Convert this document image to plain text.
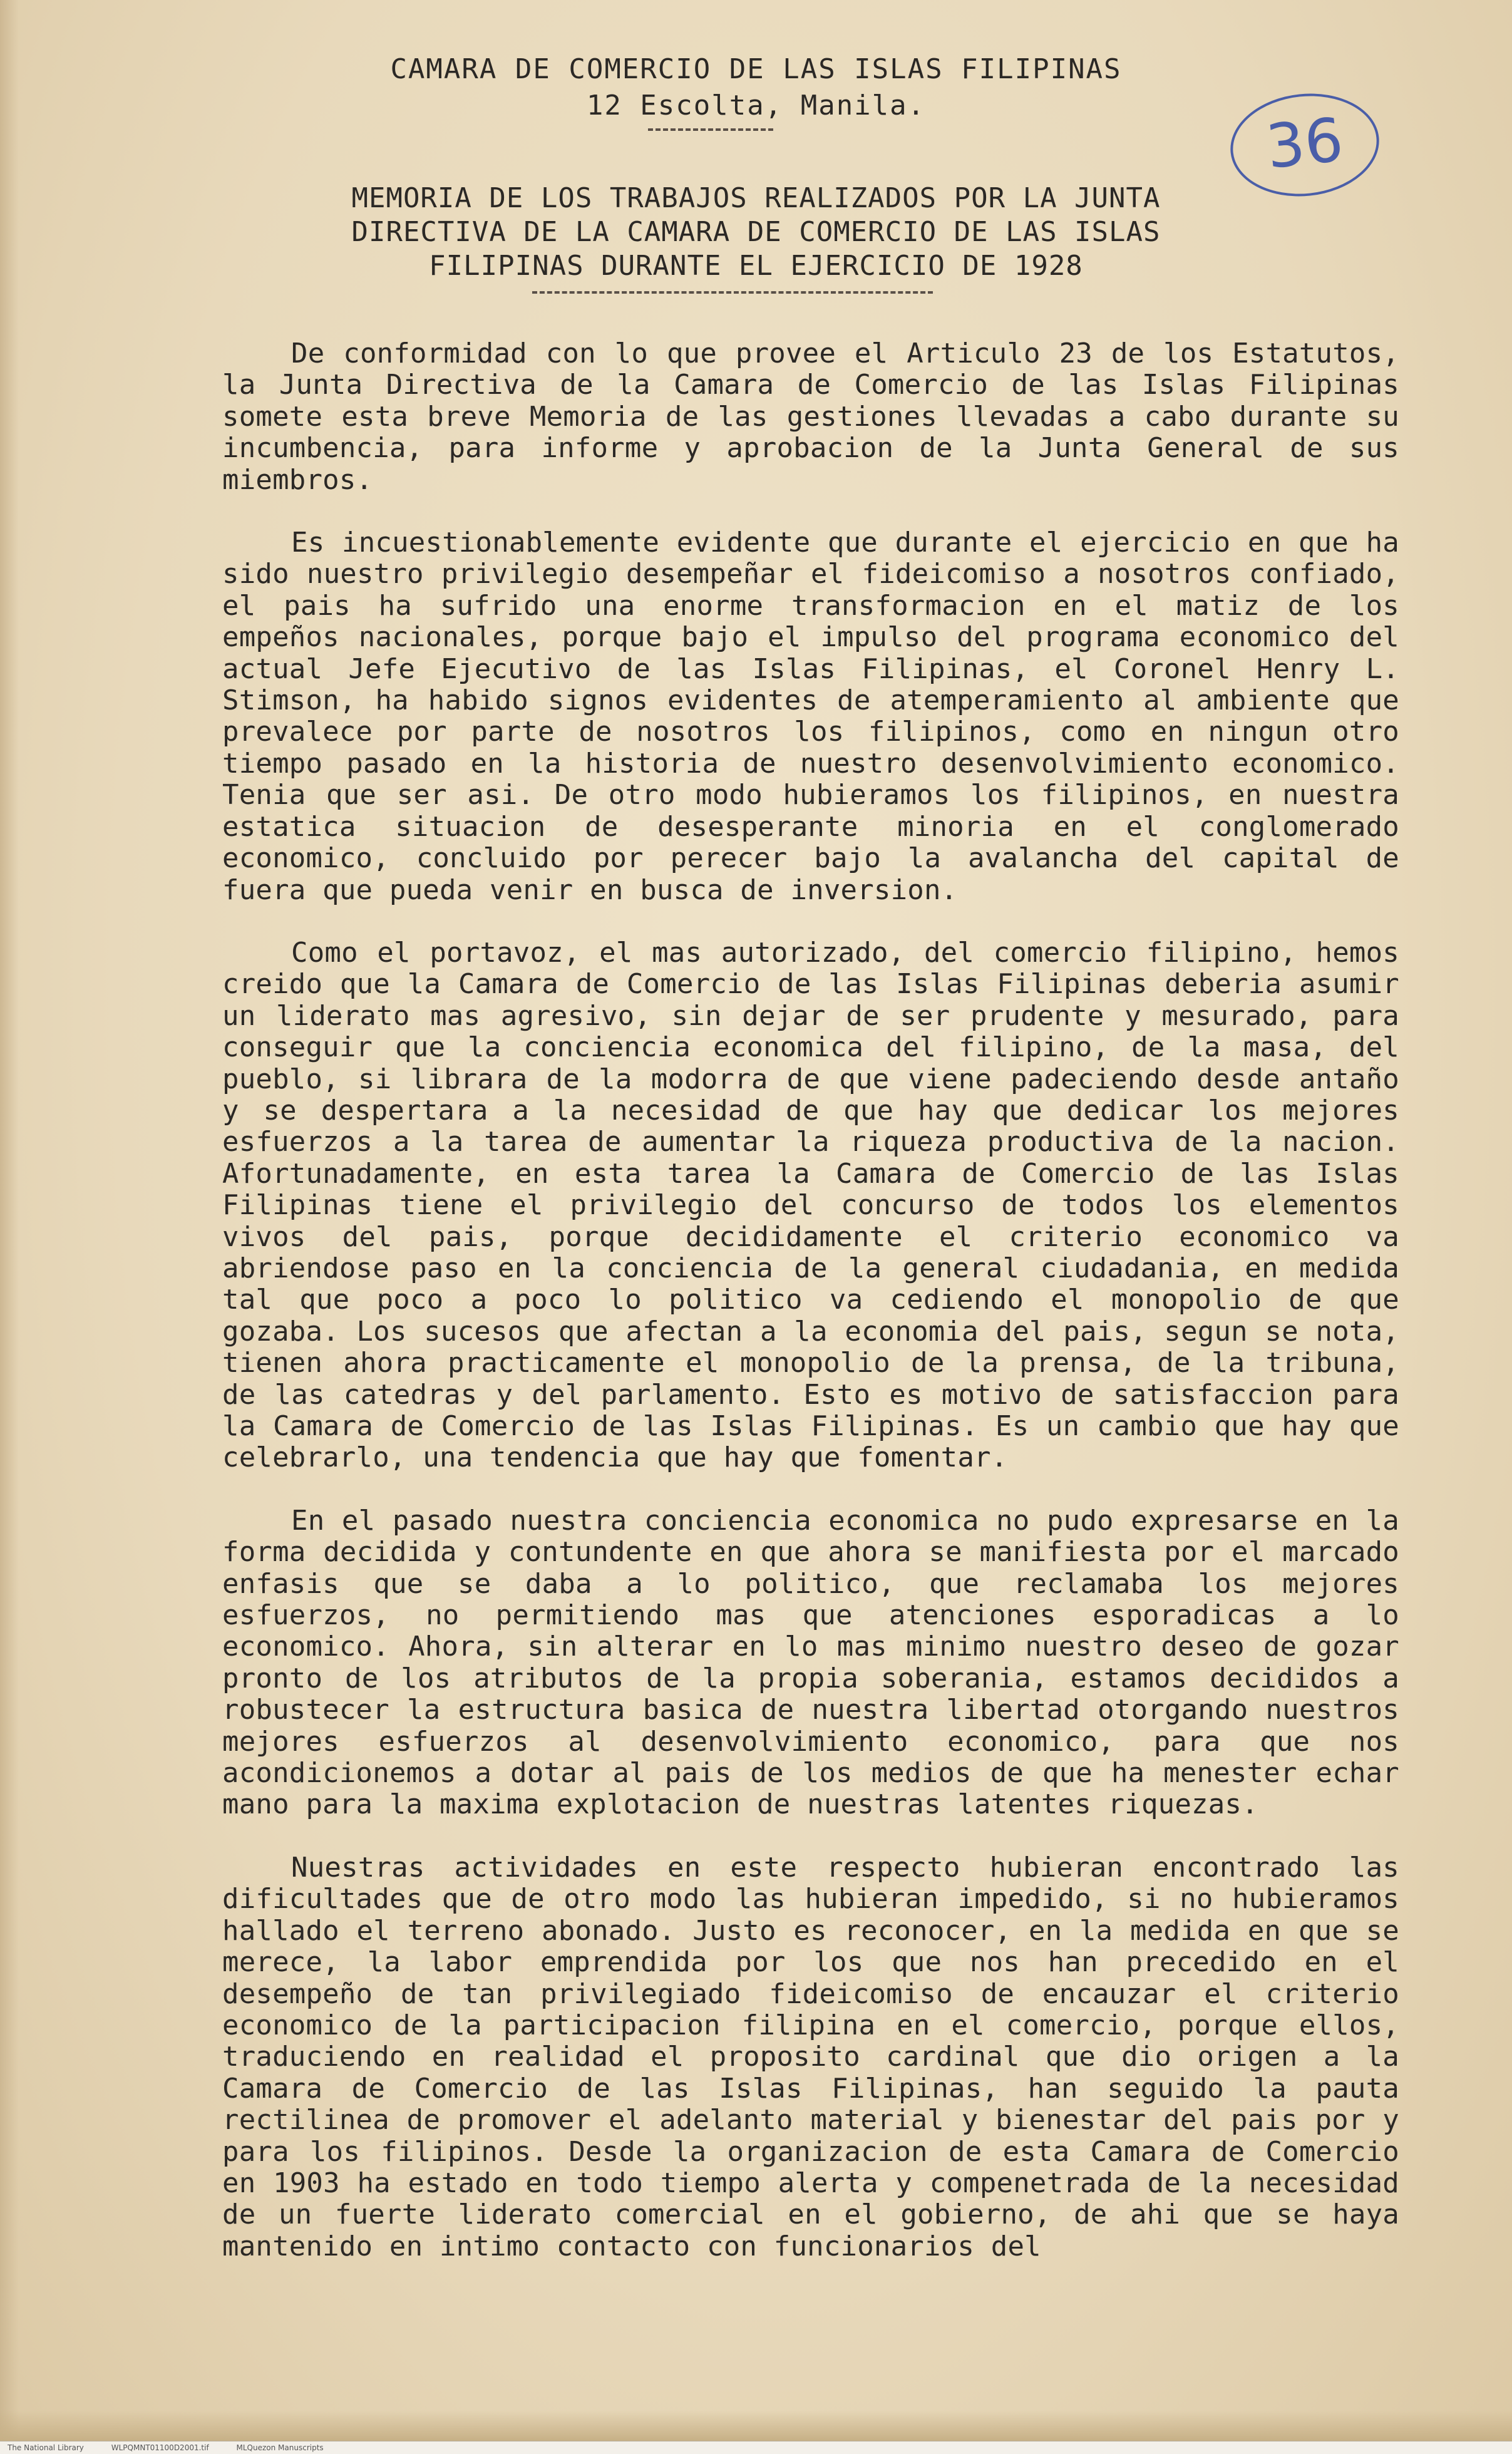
CAMARA DE COMERCIO DE LAS ISLAS FILIPINAS
12 Escolta, Manila.	36
MEMORIA DE LOS TRABAJOS REALIZADOS POR LA JUNTA
DIRECTIVA DE LA CAMARA DE COMERCIO DE LAS ISLAS
FILIPINAS DURANTE EL EJERCICIO DE 1928

De conformidad con lo que provee el Articulo 23 de los Estatutos, la Junta Directiva de la Camara de Comercio de las Islas Filipinas somete esta breve Memoria de las gestiones llevadas a cabo durante su incumbencia, para informe y aprobacion de la Junta General de sus miembros.

Es incuestionablemente evidente que durante el ejercicio en que ha sido nuestro privilegio desempeñar el fideicomiso a nosotros confiado, el pais ha sufrido una enorme transformacion en el matiz de los empeños nacionales, porque bajo el impulso del programa economico del actual Jefe Ejecutivo de las Islas Filipinas, el Coronel Henry L. Stimson, ha habido signos evidentes de atemperamiento al ambiente que prevalece por parte de nosotros los filipinos, como en ningun otro tiempo pasado en la historia de nuestro desenvolvimiento economico. Tenia que ser asi. De otro modo hubieramos los filipinos, en nuestra estatica situacion de desesperante minoria en el conglomerado economico, concluido por perecer bajo la avalancha del capital de fuera que pueda venir en busca de inversion.

Como el portavoz, el mas autorizado, del comercio filipino, hemos creido que la Camara de Comercio de las Islas Filipinas deberia asumir un liderato mas agresivo, sin dejar de ser prudente y mesurado, para conseguir que la conciencia economica del filipino, de la masa, del pueblo, si librara de la modorra de que viene padeciendo desde antaño y se despertara a la necesidad de que hay que dedicar los mejores esfuerzos a la tarea de aumentar la riqueza productiva de la nacion. Afortunadamente, en esta tarea la Camara de Comercio de las Islas Filipinas tiene el privilegio del concurso de todos los elementos vivos del pais, porque decididamente el criterio economico va abriendose paso en la conciencia de la general ciudadania, en medida tal que poco a poco lo politico va cediendo el monopolio de que gozaba. Los sucesos que afectan a la economia del pais, segun se nota, tienen ahora practicamente el monopolio de la prensa, de la tribuna, de las catedras y del parlamento. Esto es motivo de satisfaccion para la Camara de Comercio de las Islas Filipinas. Es un cambio que hay que celebrarlo, una tendencia que hay que fomentar.

En el pasado nuestra conciencia economica no pudo expresarse en la forma decidida y contundente en que ahora se manifiesta por el marcado enfasis que se daba a lo politico, que reclamaba los mejores esfuerzos, no permitiendo mas que atenciones esporadicas a lo economico. Ahora, sin alterar en lo mas minimo nuestro deseo de gozar pronto de los atributos de la propia soberania, estamos decididos a robustecer la estructura basica de nuestra libertad otorgando nuestros mejores esfuerzos al desenvolvimiento economico, para que nos acondicionemos a dotar al pais de los medios de que ha menester echar mano para la maxima explotacion de nuestras latentes riquezas.

Nuestras actividades en este respecto hubieran encontrado las dificultades que de otro modo las hubieran impedido, si no hubieramos hallado el terreno abonado. Justo es reconocer, en la medida en que se merece, la labor emprendida por los que nos han precedido en el desempeño de tan privilegiado fideicomiso de encauzar el criterio economico de la participacion filipina en el comercio, porque ellos, traduciendo en realidad el proposito cardinal que dio origen a la Camara de Comercio de las Islas Filipinas, han seguido la pauta rectilinea de promover el adelanto material y bienestar del pais por y para los filipinos. Desde la organizacion de esta Camara de Comercio en 1903 ha estado en todo tiempo alerta y compenetrada de la necesidad de un fuerte liderato comercial en el gobierno, de ahi que se haya mantenido en intimo contacto con funcionarios del

The National Library	WLPQMNT01100D2001.tif	MLQuezon Manuscripts
